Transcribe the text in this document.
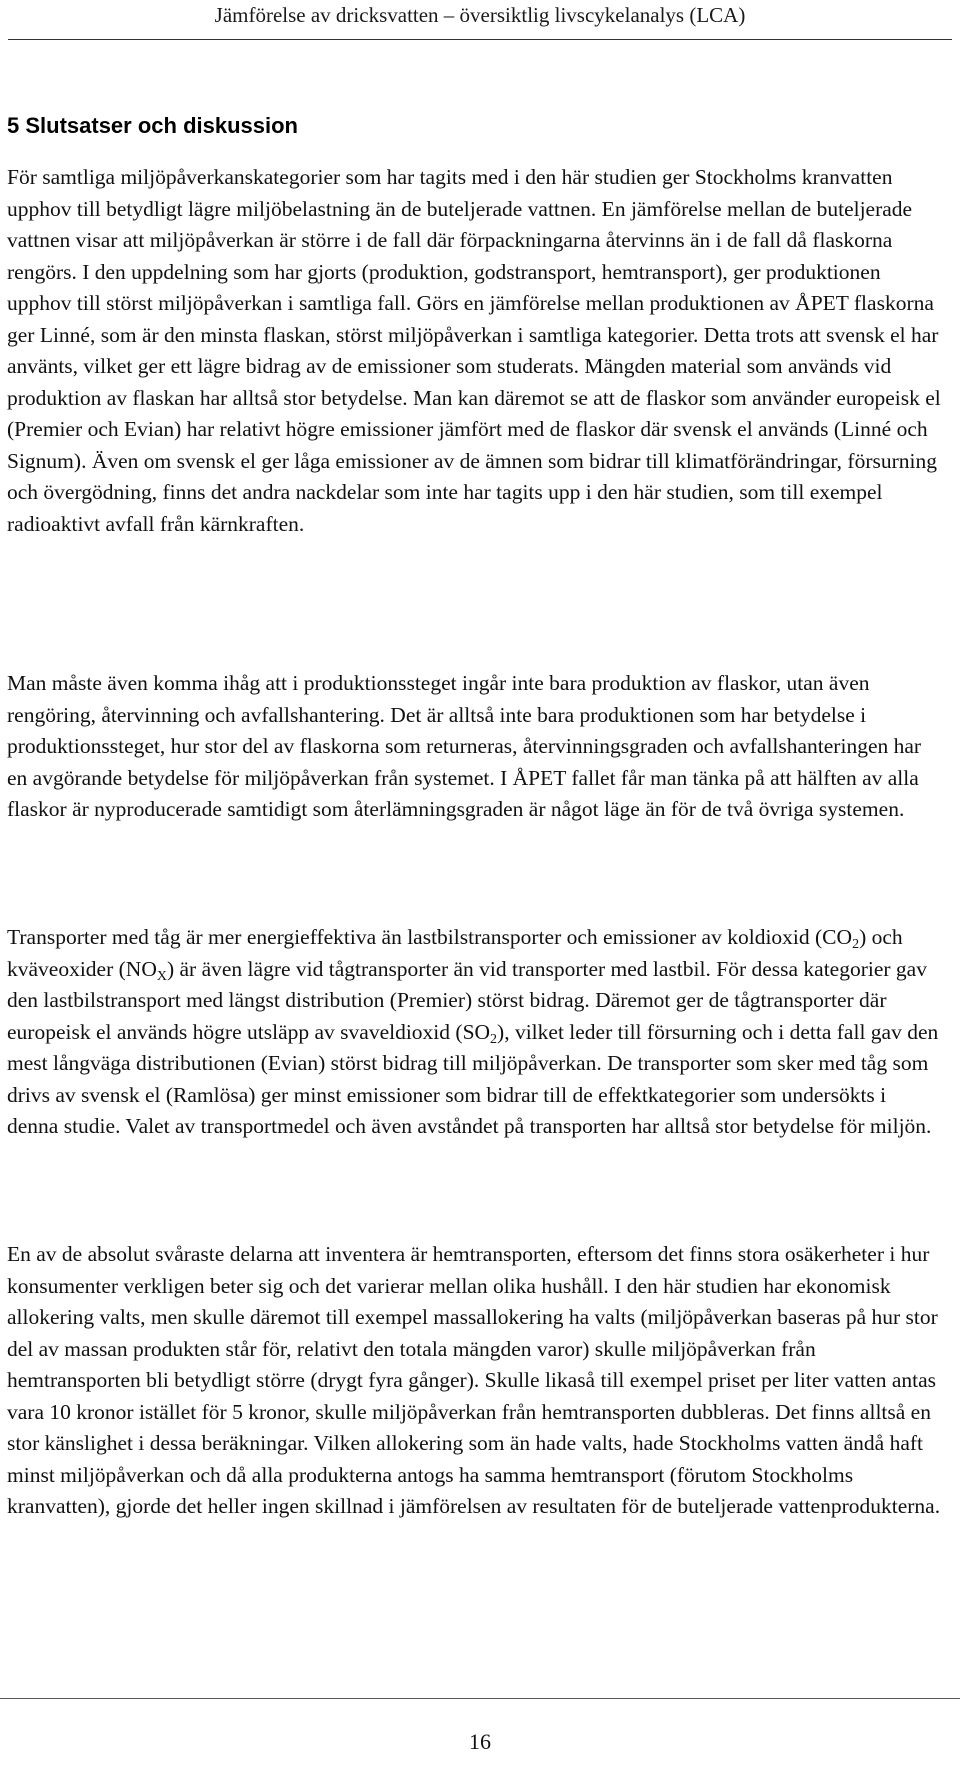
Jämförelse av dricksvatten – översiktlig livscykelanalys (LCA)
5 Slutsatser och diskussion

För samtliga miljöpåverkanskategorier som har tagits med i den här studien ger Stockholms kranvatten upphov till betydligt lägre miljöbelastning än de buteljerade vattnen. En jämförelse mellan de buteljerade vattnen visar att miljöpåverkan är större i de fall där förpackningarna återvinns än i de fall då flaskorna rengörs. I den uppdelning som har gjorts (produktion, godstransport, hemtransport), ger produktionen upphov till störst miljöpåverkan i samtliga fall. Görs en jämförelse mellan produktionen av ÅPET flaskorna ger Linné, som är den minsta flaskan, störst miljöpåverkan i samtliga kategorier. Detta trots att svensk el har använts, vilket ger ett lägre bidrag av de emissioner som studerats. Mängden material som används vid produktion av flaskan har alltså stor betydelse. Man kan däremot se att de flaskor som använder europeisk el (Premier och Evian) har relativt högre emissioner jämfört med de flaskor där svensk el används (Linné och Signum). Även om svensk el ger låga emissioner av de ämnen som bidrar till klimatförändringar, försurning och övergödning, finns det andra nackdelar som inte har tagits upp i den här studien, som till exempel radioaktivt avfall från kärnkraften.

Man måste även komma ihåg att i produktionssteget ingår inte bara produktion av flaskor, utan även rengöring, återvinning och avfallshantering. Det är alltså inte bara produktionen som har betydelse i produktionssteget, hur stor del av flaskorna som returneras, återvinningsgraden och avfallshanteringen har en avgörande betydelse för miljöpåverkan från systemet. I ÅPET fallet får man tänka på att hälften av alla flaskor är nyproducerade samtidigt som återlämningsgraden är något läge än för de två övriga systemen.

Transporter med tåg är mer energieffektiva än lastbilstransporter och emissioner av koldioxid $(CO_2)$ och kväveoxider $(NO_X)$ är även lägre vid tågtransporter än vid transporter med lastbil. För dessa kategorier gav den lastbilstransport med längst distribution (Premier) störst bidrag. Däremot ger de tågtransporter där europeisk el används högre utsläpp av svaveldioxid $(SO_2)$, vilket leder till försurning och i detta fall gav den mest långväga distributionen (Evian) störst bidrag till miljöpåverkan. De transporter som sker med tåg som drivs av svensk el (Ramlösa) ger minst emissioner som bidrar till de effektkategorier som undersökts i denna studie. Valet av transportmedel och även avståndet på transporten har alltså stor betydelse för miljön.

En av de absolut svåraste delarna att inventera är hemtransporten, eftersom det finns stora osäkerheter i hur konsumenter verkligen beter sig och det varierar mellan olika hushåll. I den här studien har ekonomisk allokering valts, men skulle däremot till exempel massallokering ha valts (miljöpåverkan baseras på hur stor del av massan produkten står för, relativt den totala mängden varor) skulle miljöpåverkan från hemtransporten bli betydligt större (drygt fyra gånger). Skulle likaså till exempel priset per liter vatten antas vara 10 kronor istället för 5 kronor, skulle miljöpåverkan från hemtransporten dubbleras. Det finns alltså en stor känslighet i dessa beräkningar. Vilken allokering som än hade valts, hade Stockholms vatten ändå haft minst miljöpåverkan och då alla produkterna antogs ha samma hemtransport (förutom Stockholms kranvatten), gjorde det heller ingen skillnad i jämförelsen av resultaten för de buteljerade vattenprodukterna.

16
